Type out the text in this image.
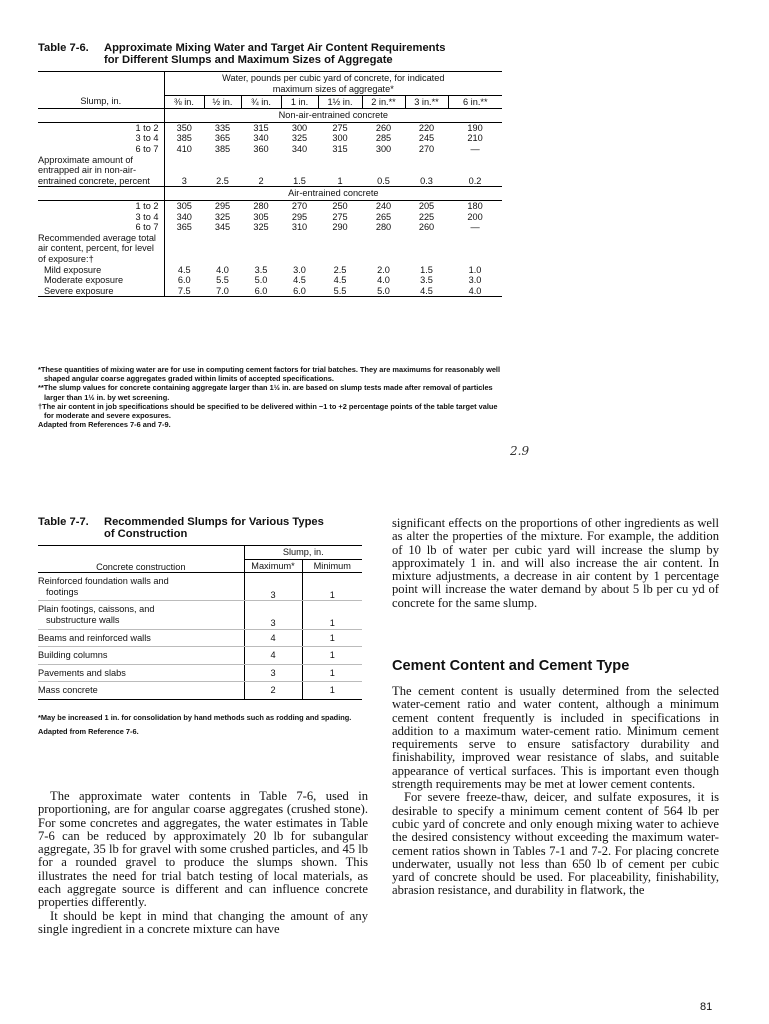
Table 7-6. Approximate Mixing Water and Target Air Content Requirements
for Different Slumps and Maximum Sizes of Aggregate
	Water, pounds per cubic yard of concrete, for indicated
maximum sizes of aggregate*							

Slump, in.	⅜ in.	½ in.	¾ in.	1 in.	1½ in.	2 in.**	3 in.**	6 in.**
	Non-air-entrained concrete							
1 to 2	350	335	315	300	275	260	220	190
3 to 4	385	365	340	325	300	285	245	210
6 to 7	410	385	360	340	315	300	270	—
Approximate amount of entrapped air in non-air-entrained concrete, percent	3	2.5	2	1.5	1	0.5	0.3	0.2
	Air-entrained concrete							
1 to 2	305	295	280	270	250	240	205	180
3 to 4	340	325	305	295	275	265	225	200
6 to 7	365	345	325	310	290	280	260	—
Recommended average total air content, percent, for level of exposure:†								
Mild exposure	4.5	4.0	3.5	3.0	2.5	2.0	1.5	1.0
Moderate exposure	6.0	5.5	5.0	4.5	4.5	4.0	3.5	3.0
Severe exposure	7.5	7.0	6.0	6.0	5.5	5.0	4.5	4.0

*These quantities of mixing water are for use in computing cement factors for trial batches. They are maximums for reasonably well shaped angular coarse aggregates graded within limits of accepted specifications.

**The slump values for concrete containing aggregate larger than 1½ in. are based on slump tests made after removal of particles larger than 1½ in. by wet screening.

†The air content in job specifications should be specified to be delivered within −1 to +2 percentage points of the table target value for moderate and severe exposures.

Adapted from References 7-6 and 7-9.

2.9
Table 7-7. Recommended Slumps for Various Types
of Construction
	Slump, in.	
Concrete construction	Maximum*	Minimum
Reinforced foundation walls and
footings	3	1
Plain footings, caissons, and
substructure walls	3	1
Beams and reinforced walls	4	1
Building columns	4	1
Pavements and slabs	3	1
Mass concrete	2	1

*May be increased 1 in. for consolidation by hand methods such as rodding and spading.

Adapted from Reference 7-6.

The approximate water contents in Table 7-6, used in proportioning, are for angular coarse aggregates (crushed stone). For some concretes and aggregates, the water estimates in Table 7-6 can be reduced by approximately 20 lb for subangular aggregate, 35 lb for gravel with some crushed particles, and 45 lb for a rounded gravel to produce the slumps shown. This illustrates the need for trial batch testing of local materials, as each aggregate source is different and can influence concrete properties differently.

It should be kept in mind that changing the amount of any single ingredient in a concrete mixture can have

significant effects on the proportions of other ingredients as well as alter the properties of the mixture. For example, the addition of 10 lb of water per cubic yard will increase the slump by approximately 1 in. and will also increase the air content. In mixture adjustments, a decrease in air content by 1 percentage point will increase the water demand by about 5 lb per cu yd of concrete for the same slump.

Cement Content and Cement Type

The cement content is usually determined from the selected water-cement ratio and water content, although a minimum cement content frequently is included in specifications in addition to a maximum water-cement ratio. Minimum cement requirements serve to ensure satisfactory durability and finishability, improved wear resistance of slabs, and suitable appearance of vertical surfaces. This is important even though strength requirements may be met at lower cement contents.

For severe freeze-thaw, deicer, and sulfate exposures, it is desirable to specify a minimum cement content of 564 lb per cubic yard of concrete and only enough mixing water to achieve the desired consistency without exceeding the maximum water-cement ratios shown in Tables 7-1 and 7-2. For placing concrete underwater, usually not less than 650 lb of cement per cubic yard of concrete should be used. For placeability, finishability, abrasion resistance, and durability in flatwork, the

81
